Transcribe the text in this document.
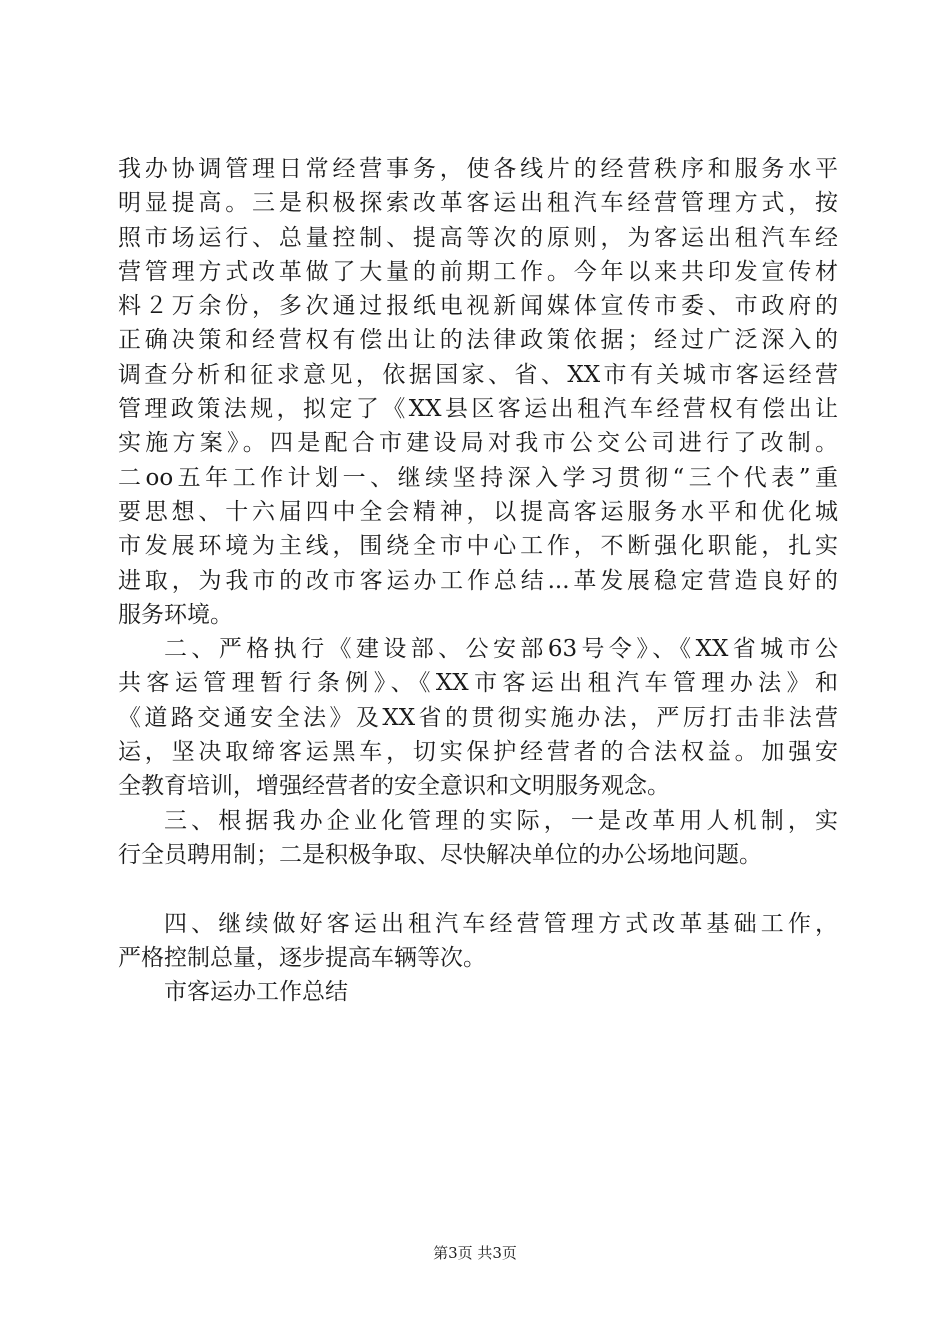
我办协调管理日常经营事务，使各线片的经营秩序和服务水平
明显提高。三是积极探索改革客运出租汽车经营管理方式，按
照市场运行、总量控制、提高等次的原则，为客运出租汽车经
营管理方式改革做了大量的前期工作。今年以来共印发宣传材
料２万余份，多次通过报纸电视新闻媒体宣传市委、市政府的
正确决策和经营权有偿出让的法律政策依据；经过广泛深入的
调查分析和征求意见，依据国家、省、XX市有关城市客运经营
管理政策法规，拟定了《XX县区客运出租汽车经营权有偿出让
实施方案》。四是配合市建设局对我市公交公司进行了改制。
二oo五年工作计划一、继续坚持深入学习贯彻“三个代表”重
要思想、十六届四中全会精神，以提高客运服务水平和优化城
市发展环境为主线，围绕全市中心工作，不断强化职能，扎实
进取，为我市的改市客运办工作总结...革发展稳定营造良好的
服务环境。
二、严格执行《建设部、公安部63号令》、《XX省城市公
共客运管理暂行条例》、《XX市客运出租汽车管理办法》和
《道路交通安全法》及XX省的贯彻实施办法，严厉打击非法营
运，坚决取缔客运黑车，切实保护经营者的合法权益。加强安
全教育培训，增强经营者的安全意识和文明服务观念。
三、根据我办企业化管理的实际，一是改革用人机制，实
行全员聘用制；二是积极争取、尽快解决单位的办公场地问题。
四、继续做好客运出租汽车经营管理方式改革基础工作，
严格控制总量，逐步提高车辆等次。
市客运办工作总结
第3页 共3页
